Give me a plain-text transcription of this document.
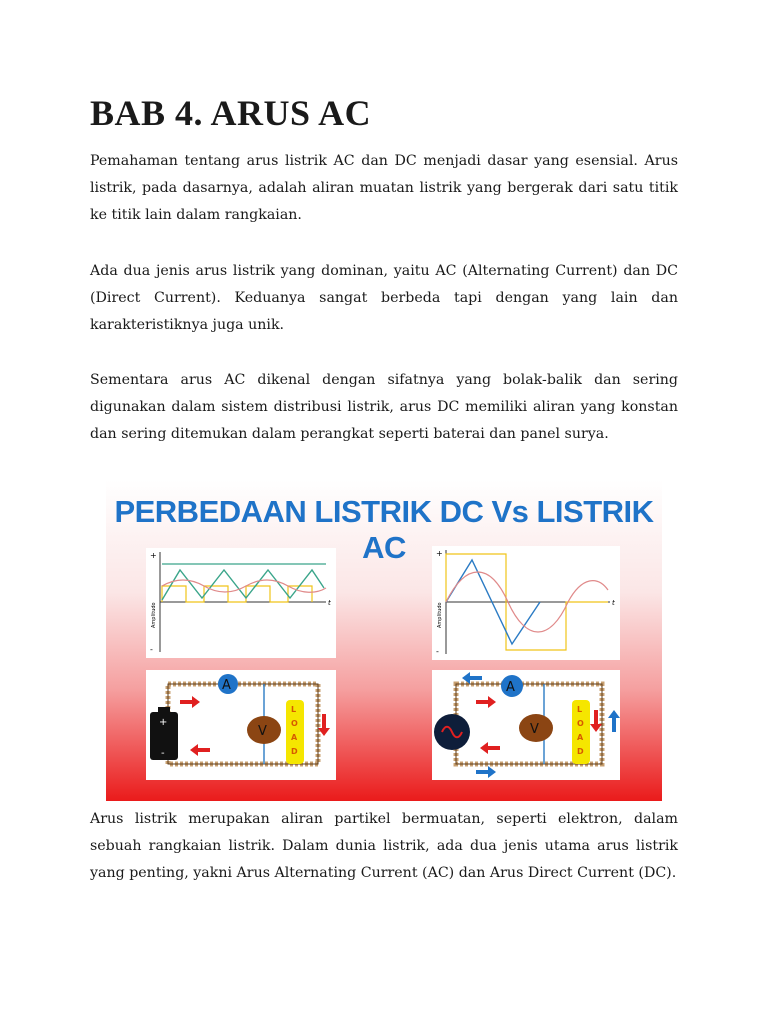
BAB 4. ARUS AC

Pemahaman tentang arus listrik AC dan DC menjadi dasar yang esensial. Arus listrik, pada dasarnya, adalah aliran muatan listrik yang bergerak dari satu titik ke titik lain dalam rangkaian.

Ada dua jenis arus listrik yang dominan, yaitu AC (Alternating Current) dan DC (Direct Current). Keduanya sangat berbeda tapi dengan yang lain dan karakteristiknya juga unik.

Sementara arus AC dikenal dengan sifatnya yang bolak-balik dan sering digunakan dalam sistem distribusi listrik, arus DC memiliki aliran yang konstan dan sering ditemukan dalam perangkat seperti baterai dan panel surya.

PERBEDAAN LISTRIK DC Vs LISTRIK AC
+
-
t
Amplitudo
+
-
t
Amplitudo
+
-
A
V
L
O
A
D
A
V
L
O
A
D

Arus listrik merupakan aliran partikel bermuatan, seperti elektron, dalam sebuah rangkaian listrik. Dalam dunia listrik, ada dua jenis utama arus listrik yang penting, yakni Arus Alternating Current (AC) dan Arus Direct Current (DC).
